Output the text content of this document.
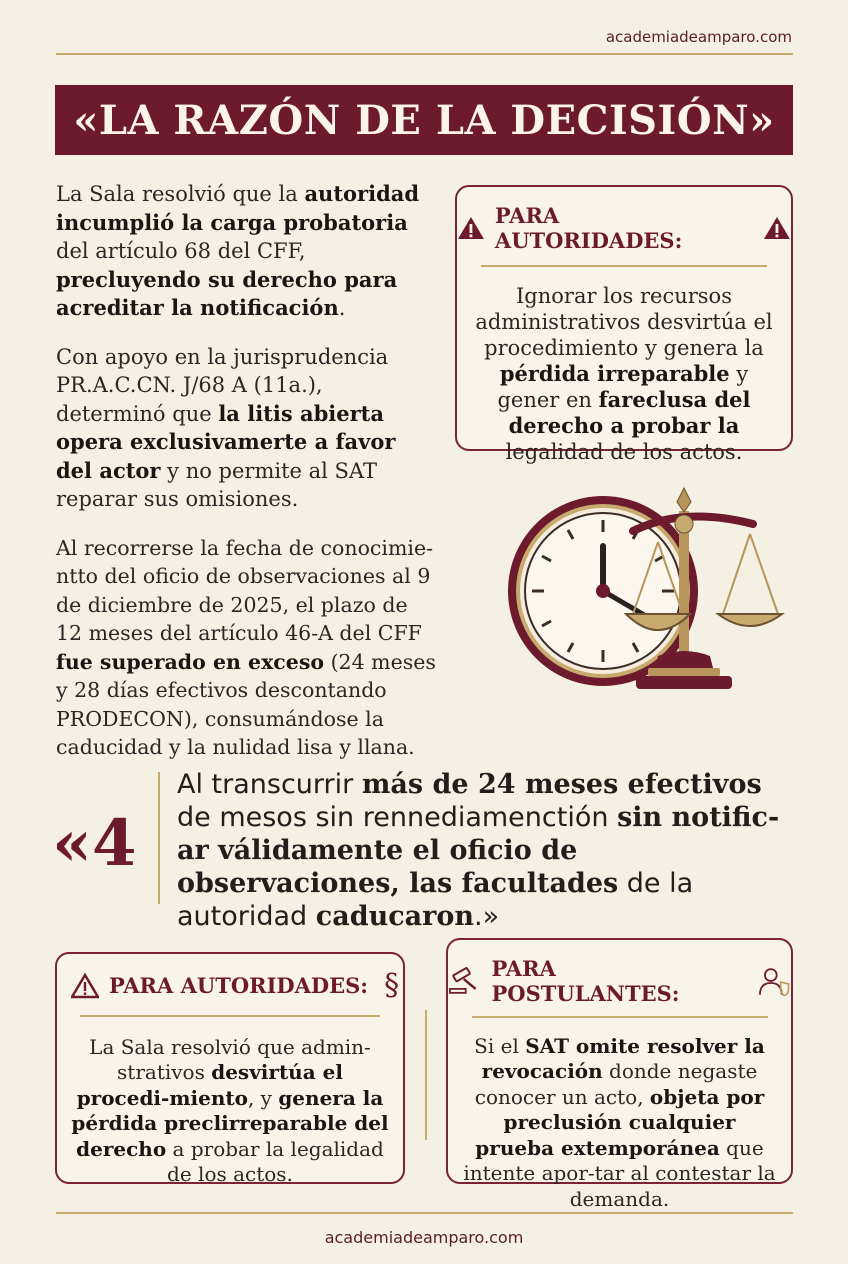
academiadeamparo.com
«LA RAZÓN DE LA DECISIÓN»

La Sala resolvió que la autoridad incumplió la carga probatoria del artículo 68 del CFF, precluyendo su derecho para acreditar la notificación.

Con apoyo en la jurisprudencia PR.A.C.CN. J/68 A (11a.), determinó que la litis abierta opera exclusivamerte a favor del actor y no permite al SAT reparar sus omisiones.

Al recorrerse la fecha de conocimie-ntto del oficio de observaciones al 9 de diciembre de 2025, el plazo de 12 meses del artículo 46-A del CFF fue superado en exceso (24 meses y 28 días efectivos descontando PRODECON), consumándose la caducidad y la nulidad lisa y llana.

PARA AUTORIDADES:
Ignorar los recursos administrativos desvirtúa el procedimiento y genera la pérdida irreparable y gener en fareclusa del derecho a probar la legalidad de los actos.
«4
Al transcurrir más de 24 meses efectivos de mesos sin rennediamenctión sin notific-ar válidamente el oficio de observaciones, las facultades de la autoridad caducaron.»
PARA AUTORIDADES: §
La Sala resolvió que admin-strativos desvirtúa el procedi-miento, y genera la pérdida preclirreparable del derecho a probar la legalidad de los actos.
PARA POSTULANTES:
Si el SAT omite resolver la revocación donde negaste conocer un acto, objeta por preclusión cualquier prueba extemporánea que intente apor-tar al contestar la demanda.
academiadeamparo.com
